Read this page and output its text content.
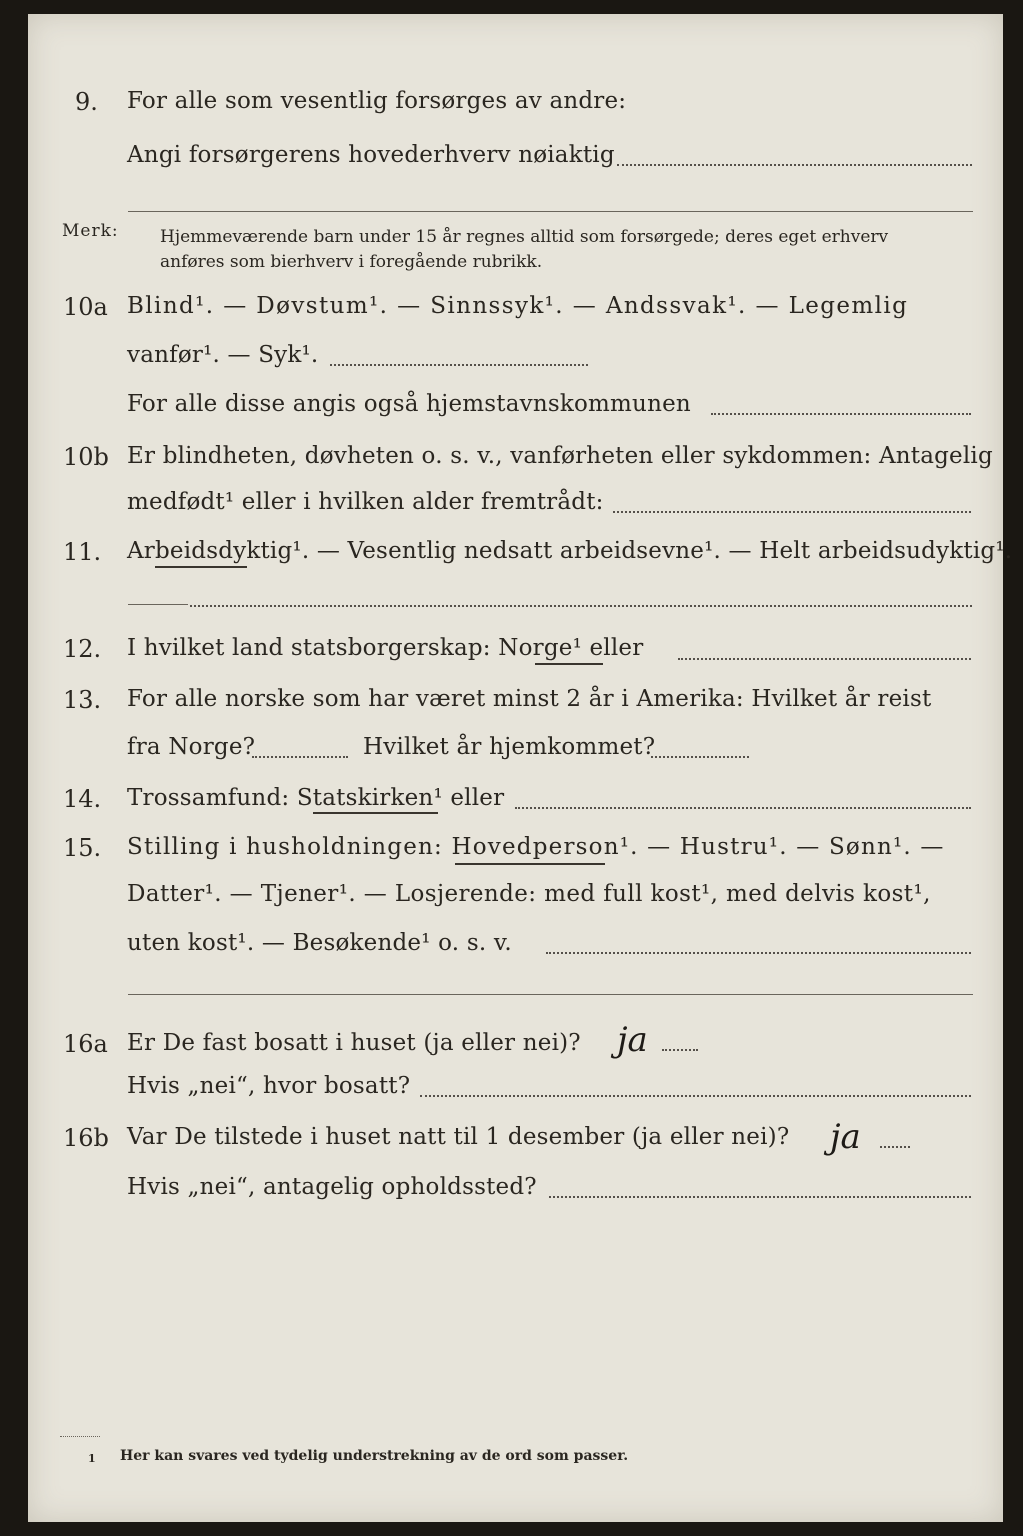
9. For alle som vesentlig forsørges av andre:
Angi forsørgerens hovederhverv nøiaktig
Merk: Hjemmeværende barn under 15 år regnes alltid som forsørgede; deres eget erhverv
anføres som bierhverv i foregående rubrikk.
10a Blind¹. — Døvstum¹. — Sinnssyk¹. — Andssvak¹. — Legemlig
vanfør¹. — Syk¹.
For alle disse angis også hjemstavnskommunen
10b Er blindheten, døvheten o. s. v., vanførheten eller sykdommen: Antagelig
medfødt¹ eller i hvilken alder fremtrådt:
11. Arbeidsdyktig¹. — Vesentlig nedsatt arbeidsevne¹. — Helt arbeidsudyktig¹.
12. I hvilket land statsborgerskap: Norge¹ eller
13. For alle norske som har været minst 2 år i Amerika: Hvilket år reist
fra Norge?	Hvilket år hjemkommet?
14. Trossamfund: Statskirken¹ eller
15. Stilling i husholdningen: Hovedperson¹. — Hustru¹. — Sønn¹. —
Datter¹. — Tjener¹. — Losjerende: med full kost¹, med delvis kost¹,
uten kost¹. — Besøkende¹ o. s. v.
16a Er De fast bosatt i huset (ja eller nei)? ja
Hvis „nei“, hvor bosatt?
16b Var De tilstede i huset natt til 1 desember (ja eller nei)? ja
Hvis „nei“, antagelig opholdssted?
1 Her kan svares ved tydelig understrekning av de ord som passer.
